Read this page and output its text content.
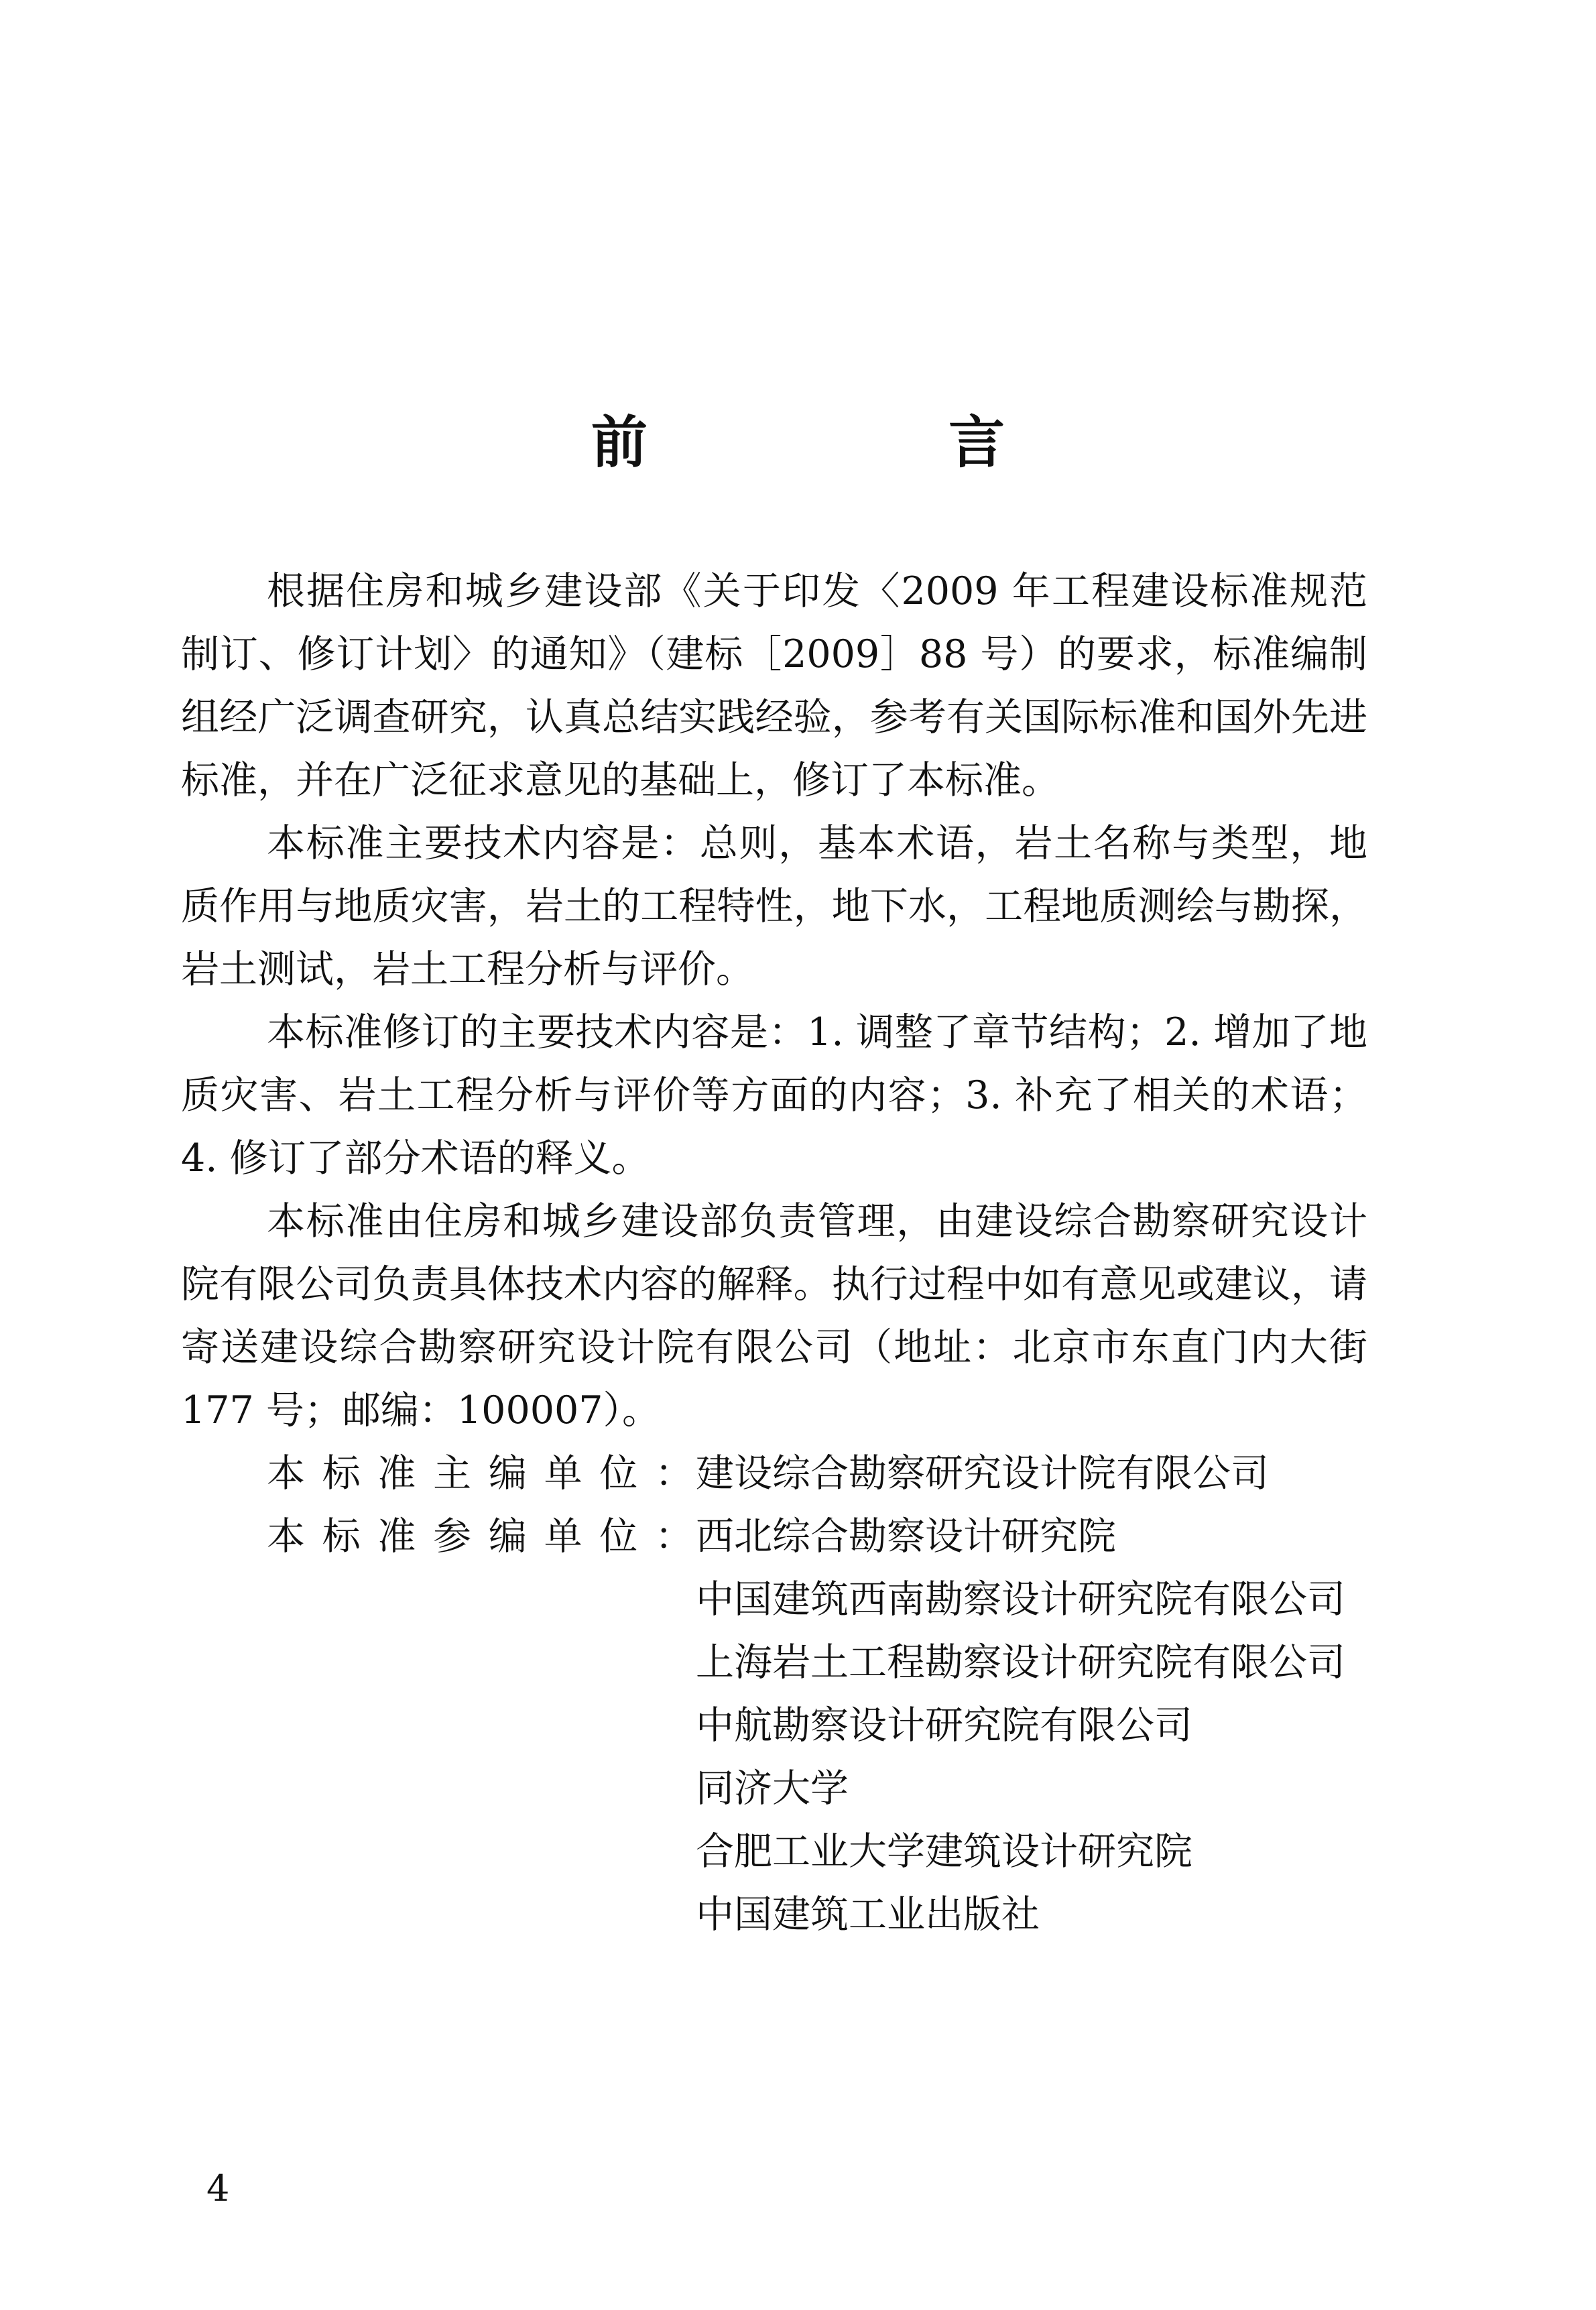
前 言

根据住房和城乡建设部《关于印发〈2009 年工程建设标准规范制订、修订计划〉的通知》（建标［2009］88 号）的要求，标准编制组经广泛调查研究，认真总结实践经验，参考有关国际标准和国外先进标准，并在广泛征求意见的基础上，修订了本标准。

本标准主要技术内容是：总则，基本术语，岩土名称与类型，地质作用与地质灾害，岩土的工程特性，地下水，工程地质测绘与勘探，岩土测试，岩土工程分析与评价。

本标准修订的主要技术内容是：1. 调整了章节结构；2. 增加了地质灾害、岩土工程分析与评价等方面的内容；3. 补充了相关的术语；4. 修订了部分术语的释义。

本标准由住房和城乡建设部负责管理，由建设综合勘察研究设计院有限公司负责具体技术内容的解释。执行过程中如有意见或建议，请寄送建设综合勘察研究设计院有限公司（地址：北京市东直门内大街 177 号；邮编：100007）。

本标准主编单位： 建设综合勘察研究设计院有限公司
本标准参编单位： 西北综合勘察设计研究院
中国建筑西南勘察设计研究院有限公司
上海岩土工程勘察设计研究院有限公司
中航勘察设计研究院有限公司
同济大学
合肥工业大学建筑设计研究院
中国建筑工业出版社
4
